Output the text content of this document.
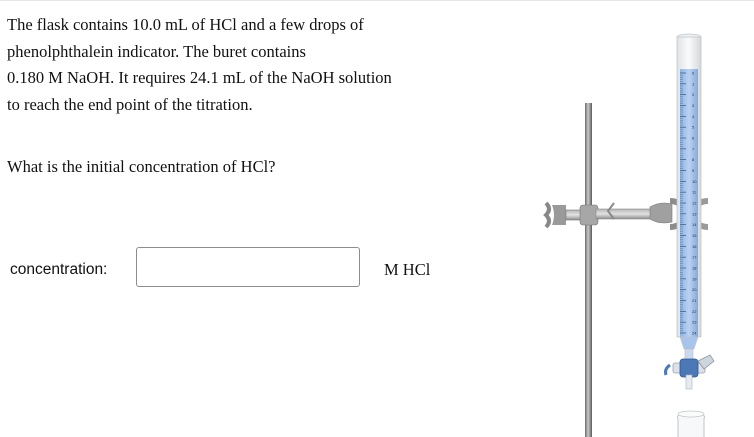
The flask contains 10.0 mL of HCl and a few drops of
phenolphthalein indicator. The buret contains
0.180 M NaOH. It requires 24.1 mL of the NaOH solution
to reach the end point of the titration.
What is the initial concentration of HCl?
concentration:	M HCl
0
1
2
3
4
5
6
7
8
9
10
11
12
13
14
15
16
17
18
19
20
21
22
23
24
